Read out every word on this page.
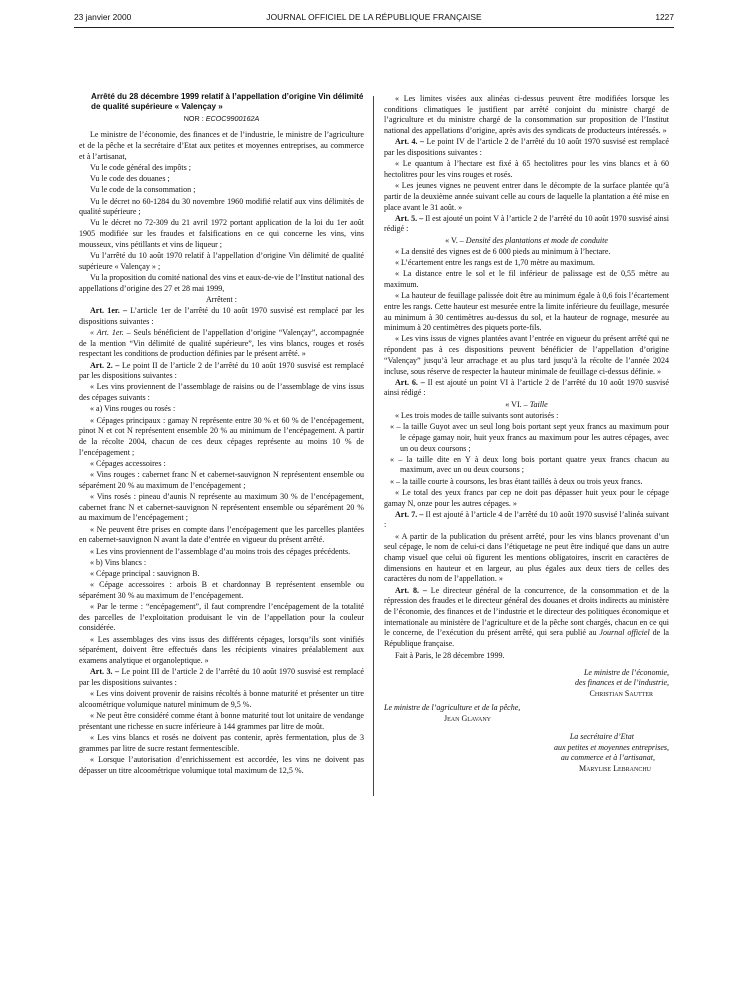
23 janvier 2000	JOURNAL OFFICIEL DE LA RÉPUBLIQUE FRANÇAISE	1227
Arrêté du 28 décembre 1999 relatif à l’appellation d’origine Vin délimité de qualité supérieure « Valençay »
NOR : ECOC9900162A

Le ministre de l’économie, des finances et de l’industrie, le ministre de l’agriculture et de la pêche et la secrétaire d’Etat aux petites et moyennes entreprises, au commerce et à l’artisanat,

Vu le code général des impôts ;

Vu le code des douanes ;

Vu le code de la consommation ;

Vu le décret no 60-1284 du 30 novembre 1960 modifié relatif aux vins délimités de qualité supérieure ;

Vu le décret no 72-309 du 21 avril 1972 portant application de la loi du 1er août 1905 modifiée sur les fraudes et falsifications en ce qui concerne les vins, vins mousseux, vins pétillants et vins de liqueur ;

Vu l’arrêté du 10 août 1970 relatif à l’appellation d’origine Vin délimité de qualité supérieure « Valençay » ;

Vu la proposition du comité national des vins et eaux-de-vie de l’Institut national des appellations d’origine des 27 et 28 mai 1999,

Arrêtent :

Art. 1er. – L’article 1er de l’arrêté du 10 août 1970 susvisé est remplacé par les dispositions suivantes :

« Art. 1er. – Seuls bénéficient de l’appellation d’origine “Valençay”, accompagnée de la mention “Vin délimité de qualité supérieure”, les vins blancs, rouges et rosés respectant les conditions de production définies par le présent arrêté. »

Art. 2. – Le point II de l’article 2 de l’arrêté du 10 août 1970 susvisé est remplacé par les dispositions suivantes :

« Les vins proviennent de l’assemblage de raisins ou de l’assemblage de vins issus des cépages suivants :

« a) Vins rouges ou rosés :

« Cépages principaux : gamay N représente entre 30 % et 60 % de l’encépagement, pinot N et cot N représentent ensemble 20 % au minimum de l’encépagement. A partir de la récolte 2004, chacun de ces deux cépages représente au moins 10 % de l’encépagement ;

« Cépages accessoires :

« Vins rouges : cabernet franc N et cabernet-sauvignon N représentent ensemble ou séparément 20 % au maximum de l’encépagement ;

« Vins rosés : pineau d’aunis N représente au maximum 30 % de l’encépagement, cabernet franc N et cabernet-sauvignon N représentent ensemble ou séparément 20 % au maximum de l’encépagement ;

« Ne peuvent être prises en compte dans l’encépagement que les parcelles plantées en cabernet-sauvignon N avant la date d’entrée en vigueur du présent arrêté.

« Les vins proviennent de l’assemblage d’au moins trois des cépages précédents.

« b) Vins blancs :

« Cépage principal : sauvignon B.

« Cépage accessoires : arbois B et chardonnay B représentent ensemble ou séparément 30 % au maximum de l’encépagement.

« Par le terme : “encépagement”, il faut comprendre l’encépagement de la totalité des parcelles de l’exploitation produisant le vin de l’appellation pour la couleur considérée.

« Les assemblages des vins issus des différents cépages, lorsqu’ils sont vinifiés séparément, doivent être effectués dans les récipients vinaires préalablement aux examens analytique et organoleptique. »

Art. 3. – Le point III de l’article 2 de l’arrêté du 10 août 1970 susvisé est remplacé par les dispositions suivantes :

« Les vins doivent provenir de raisins récoltés à bonne maturité et présenter un titre alcoométrique volumique naturel minimum de 9,5 %.

« Ne peut être considéré comme étant à bonne maturité tout lot unitaire de vendange présentant une richesse en sucre inférieure à 144 grammes par litre de moût.

« Les vins blancs et rosés ne doivent pas contenir, après fermentation, plus de 3 grammes par litre de sucre restant fermentescible.

« Lorsque l’autorisation d’enrichissement est accordée, les vins ne doivent pas dépasser un titre alcoométrique volumique total maximum de 12,5 %.

« Les limites visées aux alinéas ci-dessus peuvent être modifiées lorsque les conditions climatiques le justifient par arrêté conjoint du ministre chargé de l’agriculture et du ministre chargé de la consommation sur proposition de l’Institut national des appellations d’origine, après avis des syndicats de producteurs intéressés. »

Art. 4. – Le point IV de l’article 2 de l’arrêté du 10 août 1970 susvisé est remplacé par les dispositions suivantes :

« Le quantum à l’hectare est fixé à 65 hectolitres pour les vins blancs et à 60 hectolitres pour les vins rouges et rosés.

« Les jeunes vignes ne peuvent entrer dans le décompte de la surface plantée qu’à partir de la deuxième année suivant celle au cours de laquelle la plantation a été mise en place avant le 31 août. »

Art. 5. – Il est ajouté un point V à l’article 2 de l’arrêté du 10 août 1970 susvisé ainsi rédigé :

« V. – Densité des plantations et mode de conduite

« La densité des vignes est de 6 000 pieds au minimum à l’hectare.

« L’écartement entre les rangs est de 1,70 mètre au maximum.

« La distance entre le sol et le fil inférieur de palissage est de 0,55 mètre au maximum.

« La hauteur de feuillage palissée doit être au minimum égale à 0,6 fois l’écartement entre les rangs. Cette hauteur est mesurée entre la limite inférieure du feuillage, mesurée au minimum à 30 centimètres au-dessus du sol, et la hauteur de rognage, mesurée au minimum à 20 centimètres des piquets porte-fils.

« Les vins issus de vignes plantées avant l’entrée en vigueur du présent arrêté qui ne répondent pas à ces dispositions peuvent bénéficier de l’appellation d’origine “Valençay” jusqu’à leur arrachage et au plus tard jusqu’à la récolte de l’année 2024 incluse, sous réserve de respecter la hauteur minimale de feuillage ci-dessus définie. »

Art. 6. – Il est ajouté un point VI à l’article 2 de l’arrêté du 10 août 1970 susvisé ainsi rédigé :

« VI. – Taille

« Les trois modes de taille suivants sont autorisés :

« – la taille Guyot avec un seul long bois portant sept yeux francs au maximum pour le cépage gamay noir, huit yeux francs au maximum pour les autres cépages, avec un ou deux coursons ;

« – la taille dite en Y à deux long bois portant quatre yeux francs chacun au maximum, avec un ou deux coursons ;

« – la taille courte à coursons, les bras étant taillés à deux ou trois yeux francs.

« Le total des yeux francs par cep ne doit pas dépasser huit yeux pour le cépage gamay N, onze pour les autres cépages. »

Art. 7. – Il est ajouté à l’article 4 de l’arrêté du 10 août 1970 susvisé l’alinéa suivant :

« A partir de la publication du présent arrêté, pour les vins blancs provenant d’un seul cépage, le nom de celui-ci dans l’étiquetage ne peut être indiqué que dans un autre champ visuel que celui où figurent les mentions obligatoires, inscrit en caractères de dimensions en hauteur et en largeur, au plus égales aux deux tiers de celles des caractères du nom de l’appellation. »

Art. 8. – Le directeur général de la concurrence, de la consommation et de la répression des fraudes et le directeur général des douanes et droits indirects au ministère de l’économie, des finances et de l’industrie et le directeur des politiques économique et internationale au ministère de l’agriculture et de la pêche sont chargés, chacun en ce qui le concerne, de l’exécution du présent arrêté, qui sera publié au Journal officiel de la République française.

Fait à Paris, le 28 décembre 1999.

Le ministre de l’économie,
des finances et de l’industrie,
Christian Sautter
Le ministre de l’agriculture et de la pêche,
Jean Glavany
La secrétaire d’Etat
aux petites et moyennes entreprises,
au commerce et à l’artisanat,
Marylise Lebranchu
